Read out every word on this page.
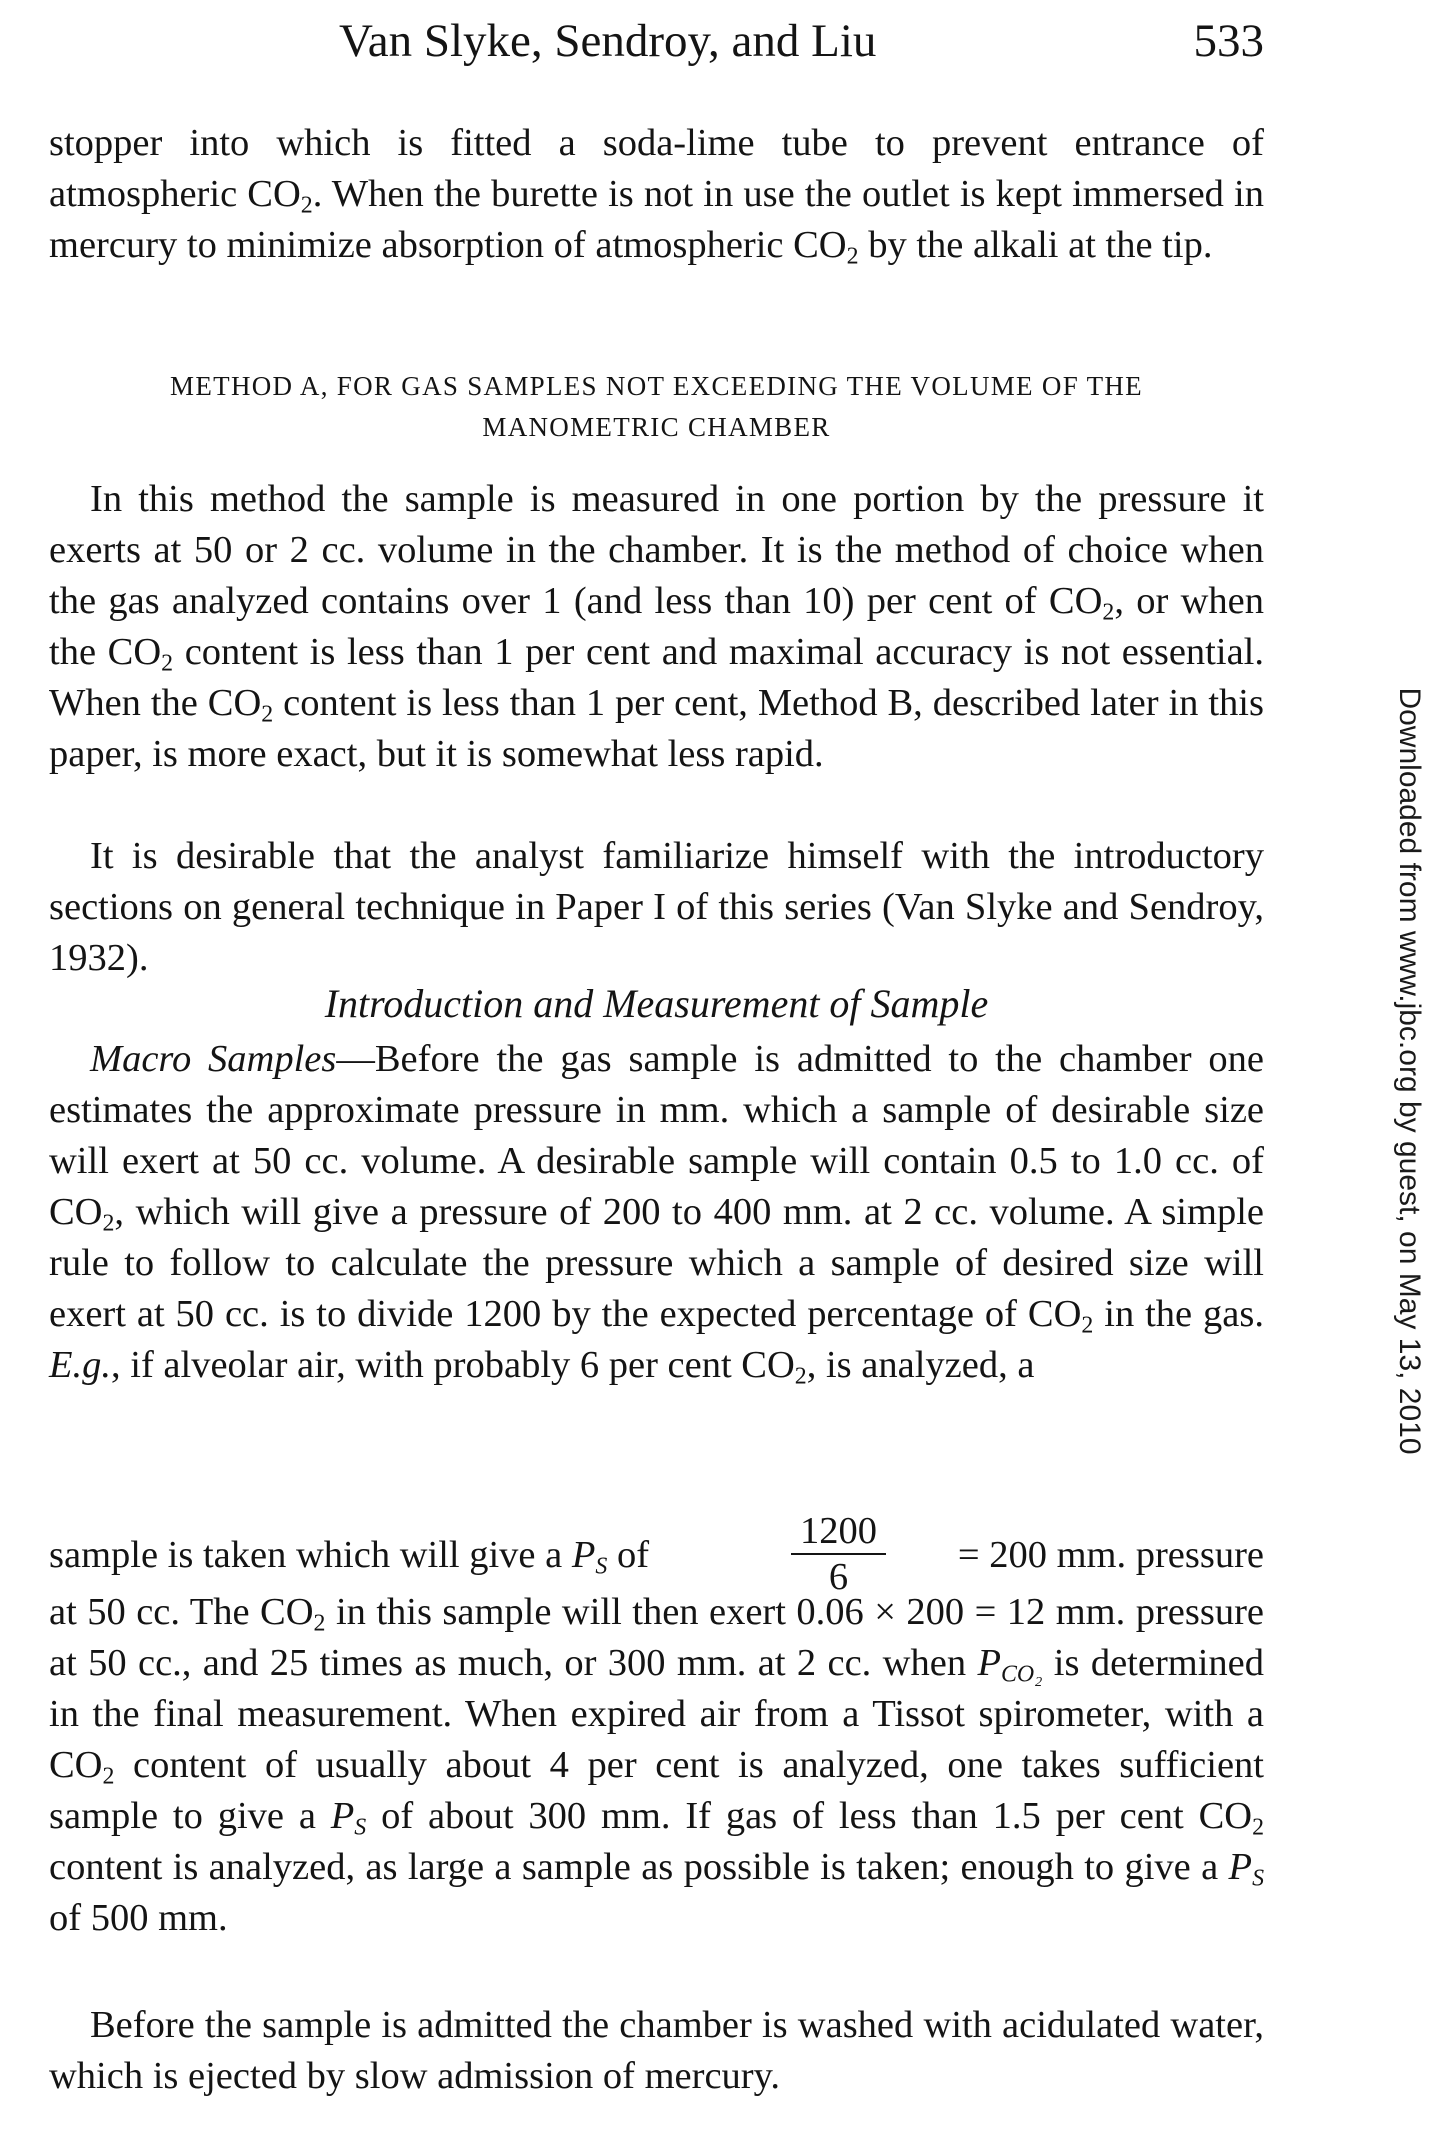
Van Slyke, Sendroy, and Liu	533

stopper into which is fitted a soda-lime tube to prevent entrance of atmospheric $CO_2$. When the burette is not in use the outlet is kept immersed in mercury to minimize absorption of atmospheric $CO_2$ by the alkali at the tip.

METHOD A, FOR GAS SAMPLES NOT EXCEEDING THE VOLUME OF THE
MANOMETRIC CHAMBER

In this method the sample is measured in one portion by the pressure it exerts at 50 or 2 cc. volume in the chamber. It is the method of choice when the gas analyzed contains over 1 (and less than 10) per cent of $CO_2$, or when the $CO_2$ content is less than 1 per cent and maximal accuracy is not essential. When the $CO_2$ content is less than 1 per cent, Method B, described later in this paper, is more exact, but it is somewhat less rapid.

It is desirable that the analyst familiarize himself with the introductory sections on general technique in Paper I of this series (Van Slyke and Sendroy, 1932).

Introduction and Measurement of Sample

Macro Samples—Before the gas sample is admitted to the chamber one estimates the approximate pressure in mm. which a sample of desirable size will exert at 50 cc. volume. A desirable sample will contain 0.5 to 1.0 cc. of $CO_2$, which will give a pressure of 200 to 400 mm. at 2 cc. volume. A simple rule to follow to calculate the pressure which a sample of desired size will exert at 50 cc. is to divide 1200 by the expected percentage of $CO_2$ in the gas. E.g., if alveolar air, with probably 6 per cent $CO_2$, is analyzed, a

sample is taken which will give a $P_S$ of	$\frac{1200}{6} = 200$ mm. pressure

at 50 cc. The $CO_2$ in this sample will then exert 0.06 × 200 = 12 mm. pressure at 50 cc., and 25 times as much, or 300 mm. at 2 cc. when $P_{CO_2}$ is determined in the final measurement. When expired air from a Tissot spirometer, with a $CO_2$ content of usually about 4 per cent is analyzed, one takes sufficient sample to give a $P_S$ of about 300 mm. If gas of less than 1.5 per cent $CO_2$ content is analyzed, as large a sample as possible is taken; enough to give a $P_S$ of 500 mm.

Before the sample is admitted the chamber is washed with acidulated water, which is ejected by slow admission of mercury.

Downloaded from www.jbc.org by guest, on May 13, 2010
